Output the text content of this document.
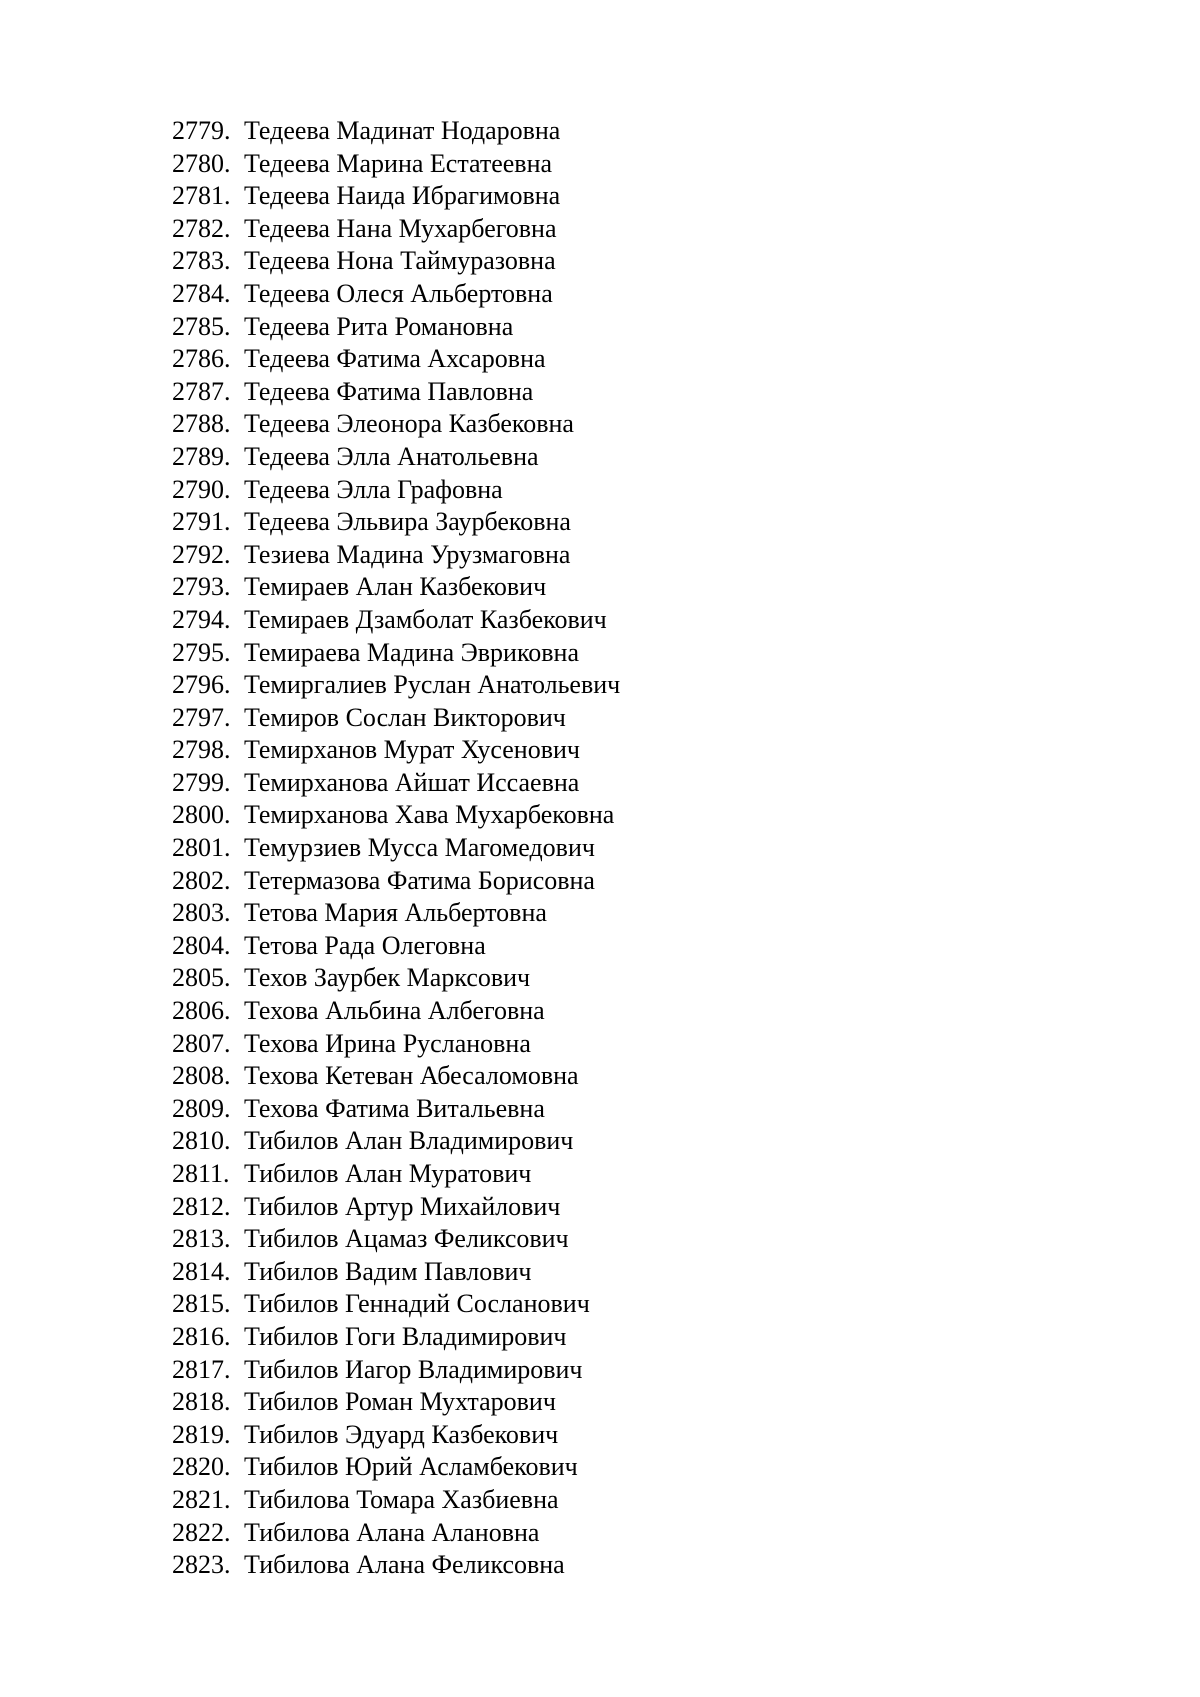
2779. Тедеева Мадинат Нодаровна
2780. Тедеева Марина Естатеевна
2781. Тедеева Наида Ибрагимовна
2782. Тедеева Нана Мухарбеговна
2783. Тедеева Нона Таймуразовна
2784. Тедеева Олеся Альбертовна
2785. Тедеева Рита Романовна
2786. Тедеева Фатима Ахсаровна
2787. Тедеева Фатима Павловна
2788. Тедеева Элеонора Казбековна
2789. Тедеева Элла Анатольевна
2790. Тедеева Элла Графовна
2791. Тедеева Эльвира Заурбековна
2792. Тезиева Мадина Урузмаговна
2793. Темираев Алан Казбекович
2794. Темираев Дзамболат Казбекович
2795. Темираева Мадина Эвриковна
2796. Темиргалиев Руслан Анатольевич
2797. Темиров Сослан Викторович
2798. Темирханов Мурат Хусенович
2799. Темирханова Айшат Иссаевна
2800. Темирханова Хава Мухарбековна
2801. Темурзиев Мусса Магомедович
2802. Тетермазова Фатима Борисовна
2803. Тетова Мария Альбертовна
2804. Тетова Рада Олеговна
2805. Техов Заурбек Марксович
2806. Техова Альбина Албеговна
2807. Техова Ирина Руслановна
2808. Техова Кетеван Абесаломовна
2809. Техова Фатима Витальевна
2810. Тибилов Алан Владимирович
2811. Тибилов Алан Муратович
2812. Тибилов Артур Михайлович
2813. Тибилов Ацамаз Феликсович
2814. Тибилов Вадим Павлович
2815. Тибилов Геннадий Сосланович
2816. Тибилов Гоги Владимирович
2817. Тибилов Иагор Владимирович
2818. Тибилов Роман Мухтарович
2819. Тибилов Эдуард Казбекович
2820. Тибилов Юрий Асламбекович
2821. Тибилова Томара Хазбиевна
2822. Тибилова Алана Алановна
2823. Тибилова Алана Феликсовна
